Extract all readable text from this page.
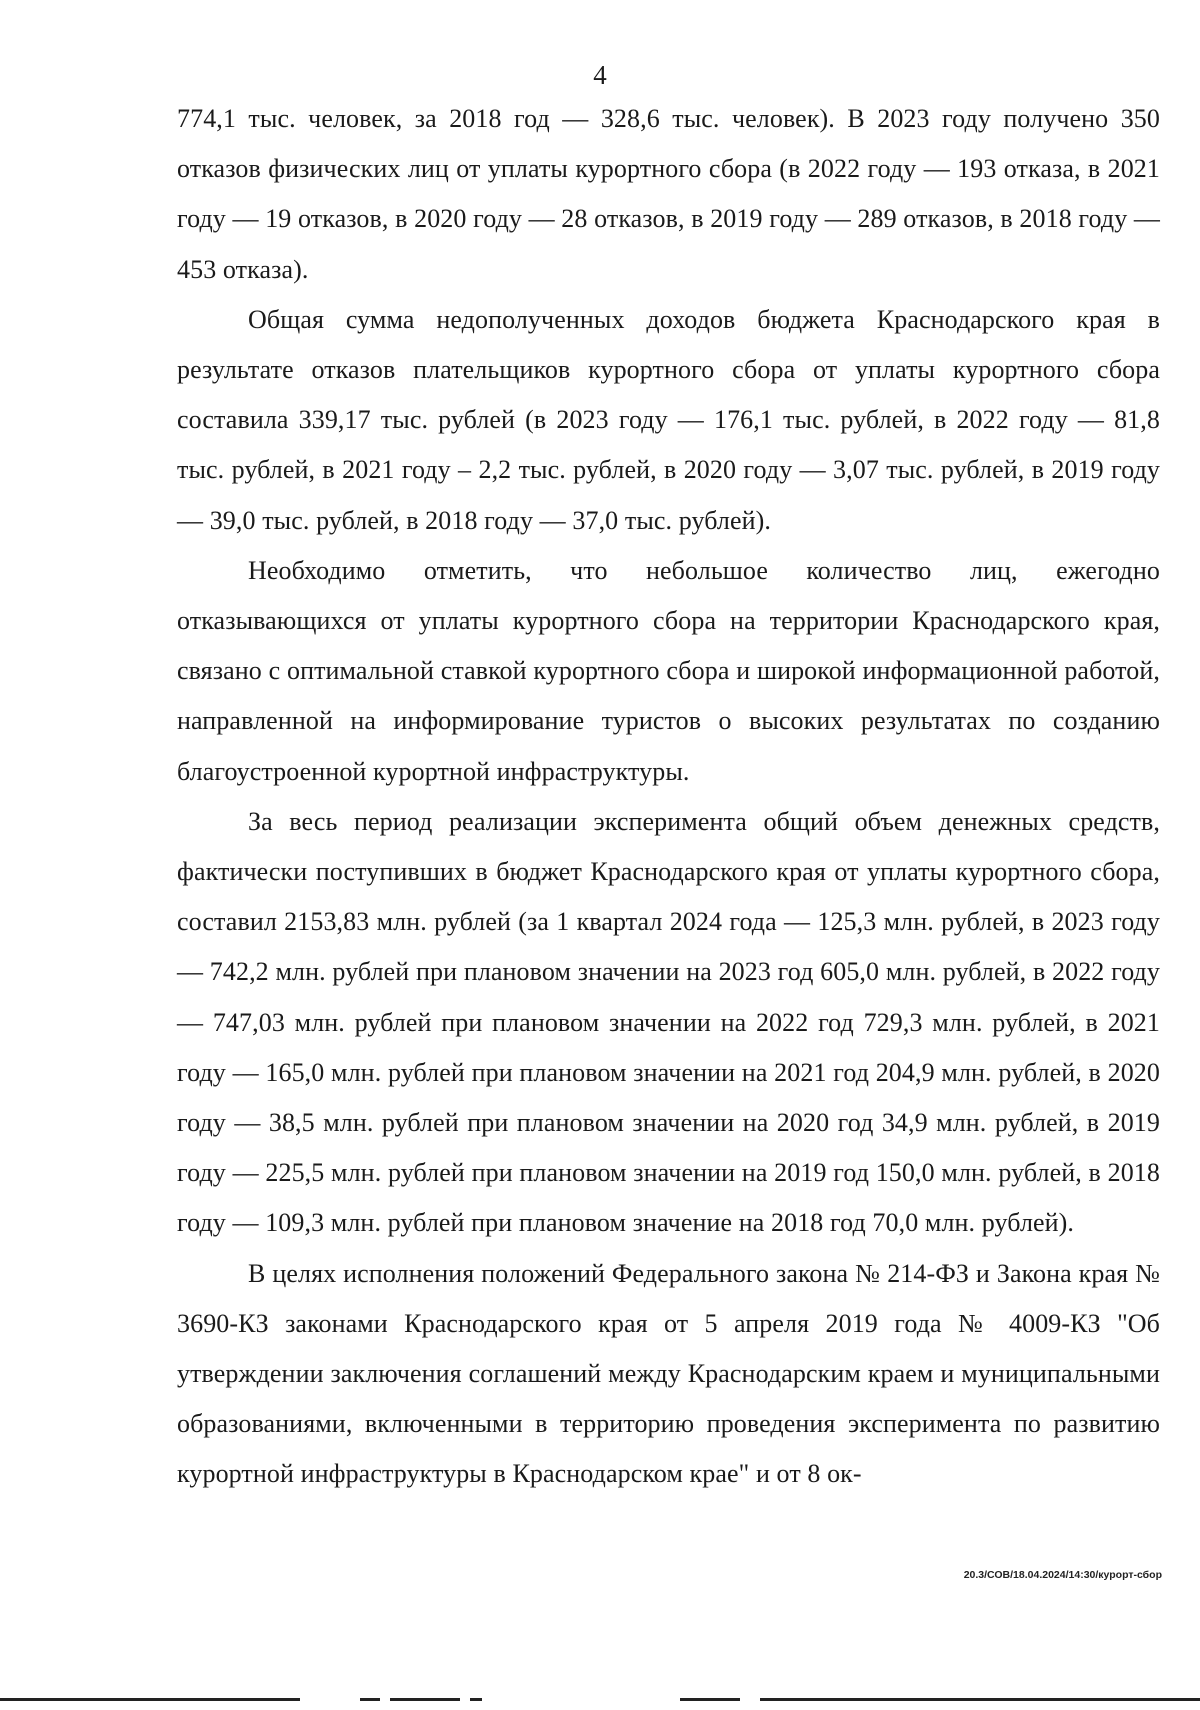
4

774,1 тыс. человек, за 2018 год — 328,6 тыс. человек). В 2023 году получено 350 отказов физических лиц от уплаты курортного сбора (в 2022 году — 193 отказа, в 2021 году — 19 отказов, в 2020 году — 28 отказов, в 2019 году — 289 отказов, в 2018 году — 453 отказа).

Общая сумма недополученных доходов бюджета Краснодарского края в результате отказов плательщиков курортного сбора от уплаты курортного сбора составила 339,17 тыс. рублей (в 2023 году — 176,1 тыс. рублей, в 2022 году — 81,8 тыс. рублей, в 2021 году – 2,2 тыс. рублей, в 2020 году — 3,07 тыс. рублей, в 2019 году — 39,0 тыс. рублей, в 2018 году — 37,0 тыс. рублей).

Необходимо отметить, что небольшое количество лиц, ежегодно отказывающихся от уплаты курортного сбора на территории Краснодарского края, связано с оптимальной ставкой курортного сбора и широкой информационной работой, направленной на информирование туристов о высоких результатах по созданию благоустроенной курортной инфраструктуры.

За весь период реализации эксперимента общий объем денежных средств, фактически поступивших в бюджет Краснодарского края от уплаты курортного сбора, составил 2153,83 млн. рублей (за 1 квартал 2024 года — 125,3 млн. рублей, в 2023 году — 742,2 млн. рублей при плановом значении на 2023 год 605,0 млн. рублей, в 2022 году — 747,03 млн. рублей при плановом значении на 2022 год 729,3 млн. рублей, в 2021 году — 165,0 млн. рублей при плановом значении на 2021 год 204,9 млн. рублей, в 2020 году — 38,5 млн. рублей при плановом значении на 2020 год 34,9 млн. рублей, в 2019 году — 225,5 млн. рублей при плановом значении на 2019 год 150,0 млн. рублей, в 2018 году — 109,3 млн. рублей при плановом значение на 2018 год 70,0 млн. рублей).

В целях исполнения положений Федерального закона № 214-ФЗ и Закона края № 3690-КЗ законами Краснодарского края от 5 апреля 2019 года № 4009-КЗ "Об утверждении заключения соглашений между Краснодарским краем и муниципальными образованиями, включенными в территорию проведения эксперимента по развитию курортной инфраструктуры в Краснодарском крае" и от 8 ок-

20.3/СОВ/18.04.2024/14:30/курорт-сбор
